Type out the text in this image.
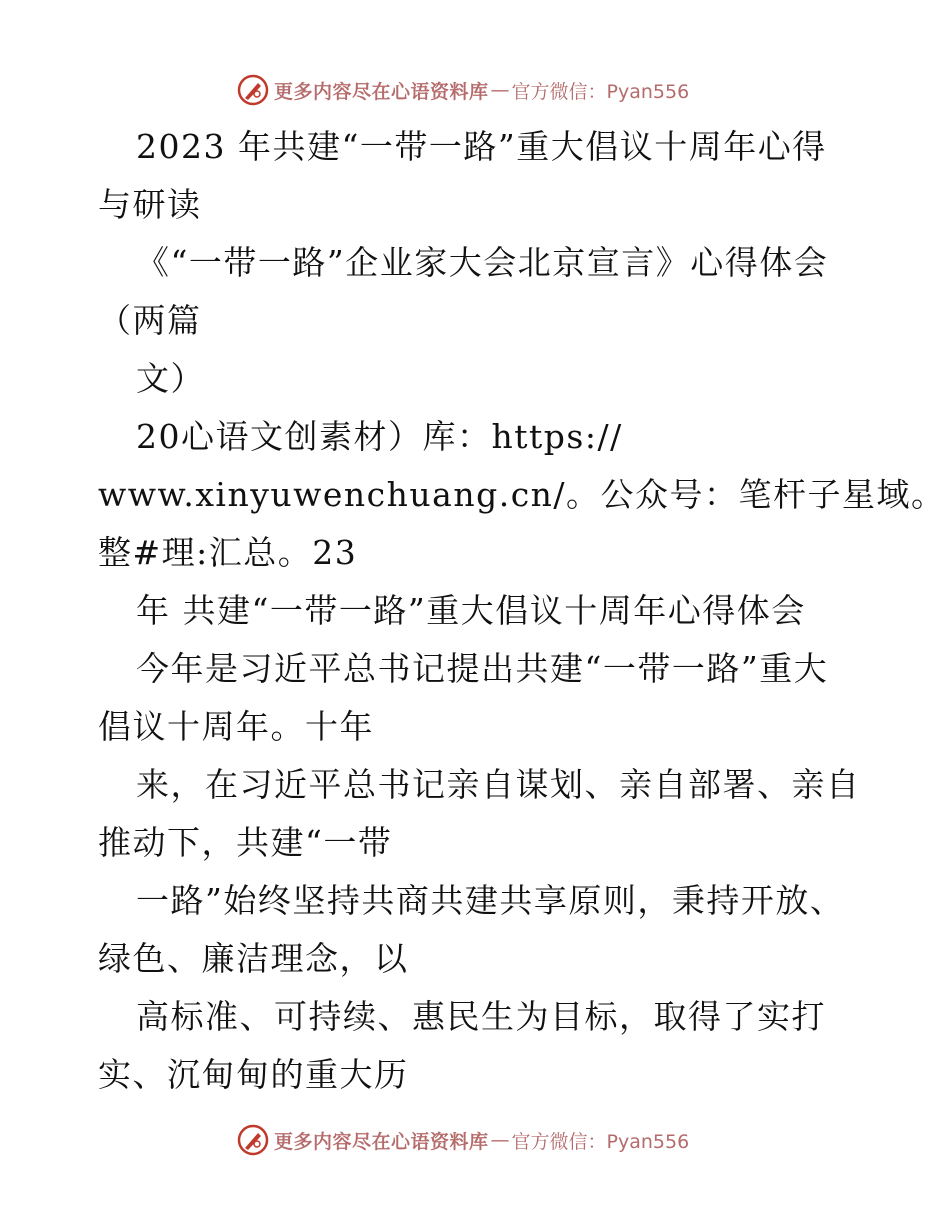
更多内容尽在心语资料库 — 官方微信：Pyan556
2023 年共建“一带一路”重大倡议十周年心得
与研读
《“一带一路”企业家大会北京宣言》心得体会
（两篇
文）
20心语文创素材）库：https://
www.xinyuwenchuang.cn/。公众号：笔杆子星域。
整#理:汇总。23
年 共建“一带一路”重大倡议十周年心得体会
今年是习近平总书记提出共建“一带一路”重大
倡议十周年。十年
来，在习近平总书记亲自谋划、亲自部署、亲自
推动下，共建“一带
一路”始终坚持共商共建共享原则，秉持开放、
绿色、廉洁理念，以
高标准、可持续、惠民生为目标，取得了实打
实、沉甸甸的重大历
更多内容尽在心语资料库 — 官方微信：Pyan556
